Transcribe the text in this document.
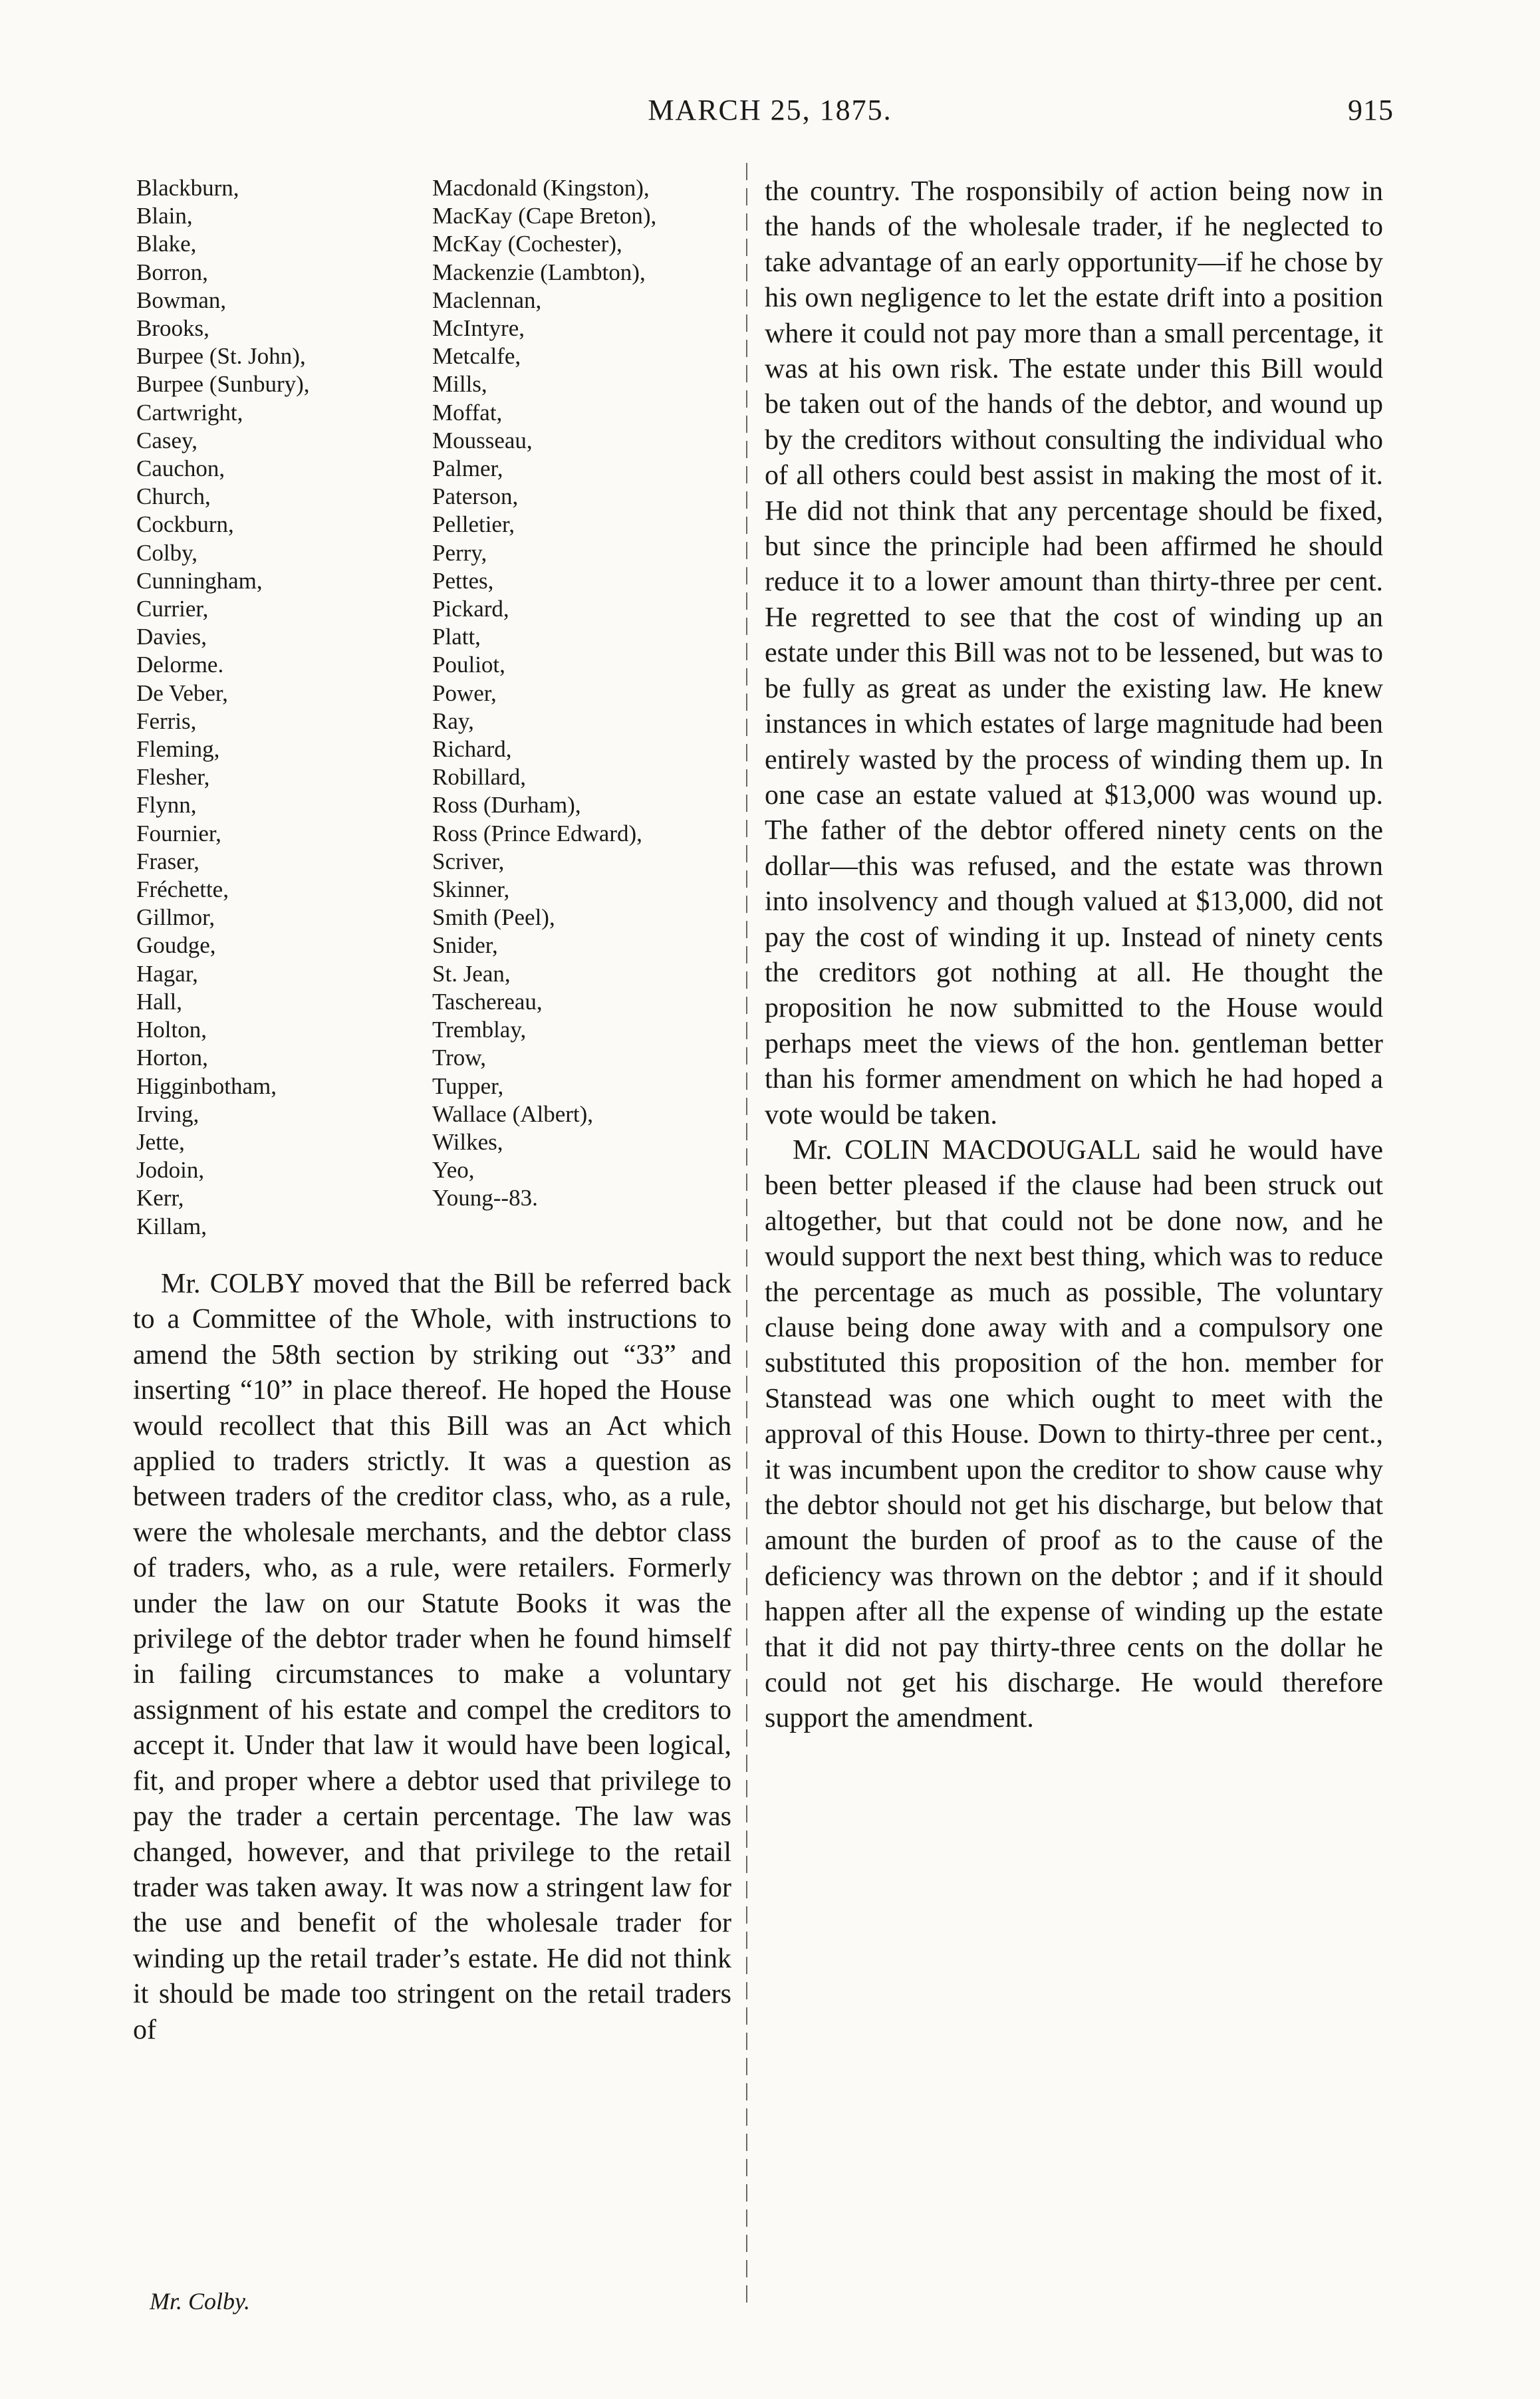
MARCH 25, 1875.	915
Blackburn,
Blain,
Blake,
Borron,
Bowman,
Brooks,
Burpee (St. John),
Burpee (Sunbury),
Cartwright,
Casey,
Cauchon,
Church,
Cockburn,
Colby,
Cunningham,
Currier,
Davies,
Delorme.
De Veber,
Ferris,
Fleming,
Flesher,
Flynn,
Fournier,
Fraser,
Fréchette,
Gillmor,
Goudge,
Hagar,
Hall,
Holton,
Horton,
Higginbotham,
Irving,
Jette,
Jodoin,
Kerr,
Killam,
Macdonald (Kingston),
MacKay (Cape Breton),
McKay (Cochester),
Mackenzie (Lambton),
Maclennan,
McIntyre,
Metcalfe,
Mills,
Moffat,
Mousseau,
Palmer,
Paterson,
Pelletier,
Perry,
Pettes,
Pickard,
Platt,
Pouliot,
Power,
Ray,
Richard,
Robillard,
Ross (Durham),
Ross (Prince Edward),
Scriver,
Skinner,
Smith (Peel),
Snider,
St. Jean,
Taschereau,
Tremblay,
Trow,
Tupper,
Wallace (Albert),
Wilkes,
Yeo,
Young--83.

Mr. COLBY moved that the Bill be referred back to a Committee of the Whole, with instructions to amend the 58th section by striking out “33” and inserting “10” in place thereof. He hoped the House would recollect that this Bill was an Act which applied to traders strictly. It was a question as between traders of the creditor class, who, as a rule, were the wholesale merchants, and the debtor class of traders, who, as a rule, were retailers. Formerly under the law on our Statute Books it was the privilege of the debtor trader when he found himself in failing circumstances to make a voluntary assignment of his estate and compel the creditors to accept it. Under that law it would have been logical, fit, and proper where a debtor used that privilege to pay the trader a certain percentage. The law was changed, however, and that privilege to the retail trader was taken away. It was now a stringent law for the use and benefit of the wholesale trader for winding up the retail trader’s estate. He did not think it should be made too stringent on the retail traders of

the country. The rosponsibily of action being now in the hands of the wholesale trader, if he neglected to take advantage of an early opportunity—if he chose by his own negligence to let the estate drift into a position where it could not pay more than a small percentage, it was at his own risk. The estate under this Bill would be taken out of the hands of the debtor, and wound up by the creditors without consulting the individual who of all others could best assist in making the most of it. He did not think that any percentage should be fixed, but since the principle had been affirmed he should reduce it to a lower amount than thirty-three per cent. He regretted to see that the cost of winding up an estate under this Bill was not to be lessened, but was to be fully as great as under the existing law. He knew instances in which estates of large magnitude had been entirely wasted by the process of winding them up. In one case an estate valued at $13,000 was wound up. The father of the debtor offered ninety cents on the dollar—this was refused, and the estate was thrown into insolvency and though valued at $13,000, did not pay the cost of winding it up. Instead of ninety cents the creditors got nothing at all. He thought the proposition he now submitted to the House would perhaps meet the views of the hon. gentleman better than his former amendment on which he had hoped a vote would be taken.

Mr. COLIN MACDOUGALL said he would have been better pleased if the clause had been struck out altogether, but that could not be done now, and he would support the next best thing, which was to reduce the percentage as much as possible, The voluntary clause being done away with and a compulsory one substituted this proposition of the hon. member for Stanstead was one which ought to meet with the approval of this House. Down to thirty-three per cent., it was incumbent upon the creditor to show cause why the debtor should not get his discharge, but below that amount the burden of proof as to the cause of the deficiency was thrown on the debtor ; and if it should happen after all the expense of winding up the estate that it did not pay thirty-three cents on the dollar he could not get his discharge. He would therefore support the amendment.

Mr. Colby.
